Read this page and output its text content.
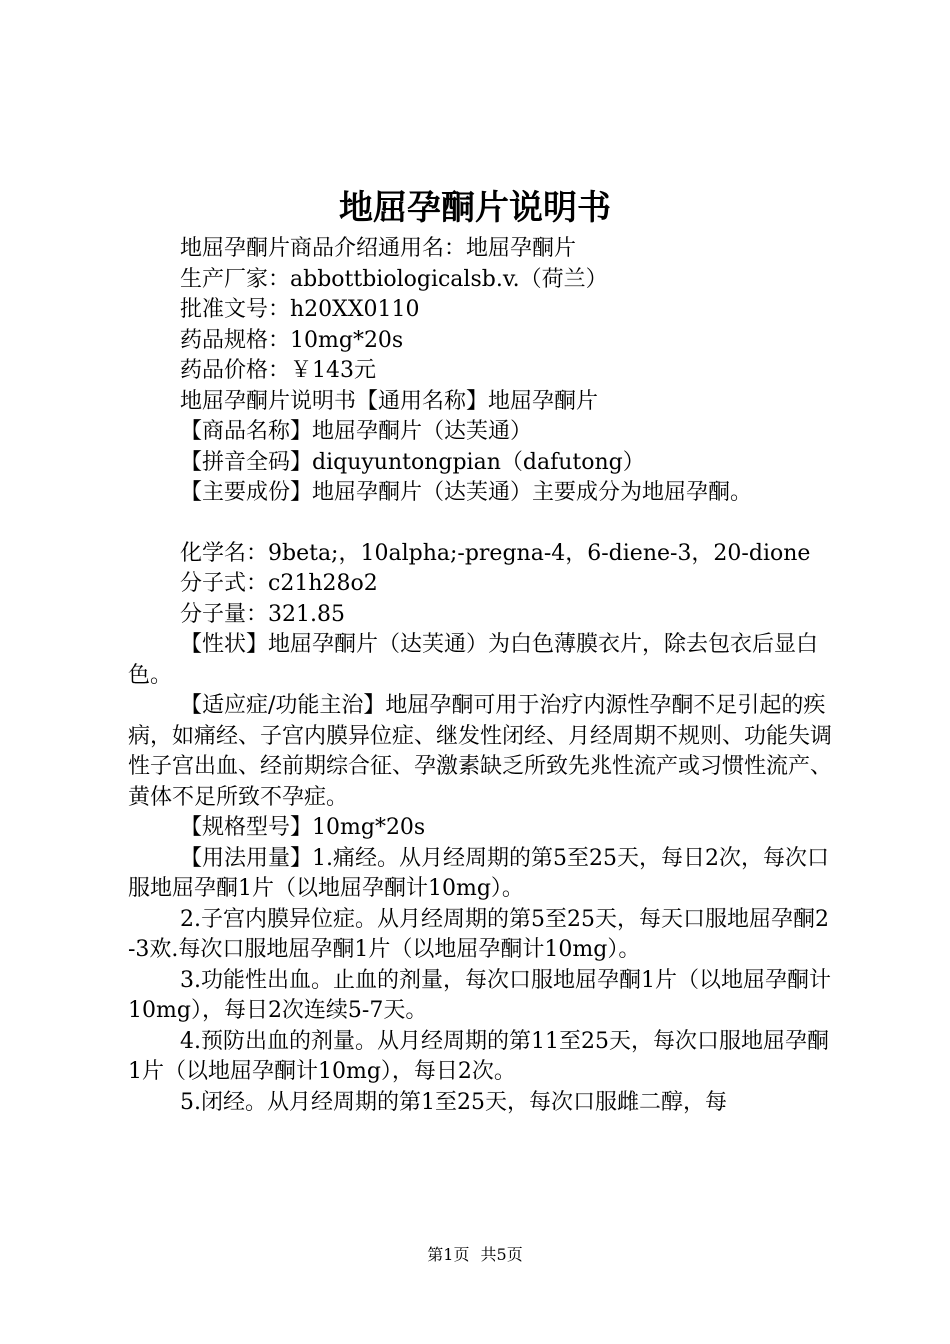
地屈孕酮片说明书

地屈孕酮片商品介绍通用名：地屈孕酮片

生产厂家：abbottbiologicalsb.v.（荷兰）

批准文号：h20XX0110

药品规格：10mg*20s

药品价格：￥143元

地屈孕酮片说明书【通用名称】地屈孕酮片

【商品名称】地屈孕酮片（达芙通）

【拼音全码】diquyuntongpian（dafutong）

【主要成份】地屈孕酮片（达芙通）主要成分为地屈孕酮。

化学名：9beta;，10alpha;-pregna-4，6-diene-3，20-dione

分子式：c21h28o2

分子量：321.85

【性状】地屈孕酮片（达芙通）为白色薄膜衣片，除去包衣后显白色。

【适应症/功能主治】地屈孕酮可用于治疗内源性孕酮不足引起的疾病，如痛经、子宫内膜异位症、继发性闭经、月经周期不规则、功能失调性子宫出血、经前期综合征、孕激素缺乏所致先兆性流产或习惯性流产、黄体不足所致不孕症。

【规格型号】10mg*20s

【用法用量】1.痛经。从月经周期的第5至25天，每日2次，每次口服地屈孕酮1片（以地屈孕酮计10mg）。

2.子宫内膜异位症。从月经周期的第5至25天，每天口服地屈孕酮2-3欢.每次口服地屈孕酮1片（以地屈孕酮计10mg）。

3.功能性出血。止血的剂量，每次口服地屈孕酮1片（以地屈孕酮计10mg），每日2次连续5-7天。

4.预防出血的剂量。从月经周期的第11至25天，每次口服地屈孕酮1片（以地屈孕酮计10mg），每日2次。

5.闭经。从月经周期的第1至25天，每次口服雌二醇，每

第1页 共5页
